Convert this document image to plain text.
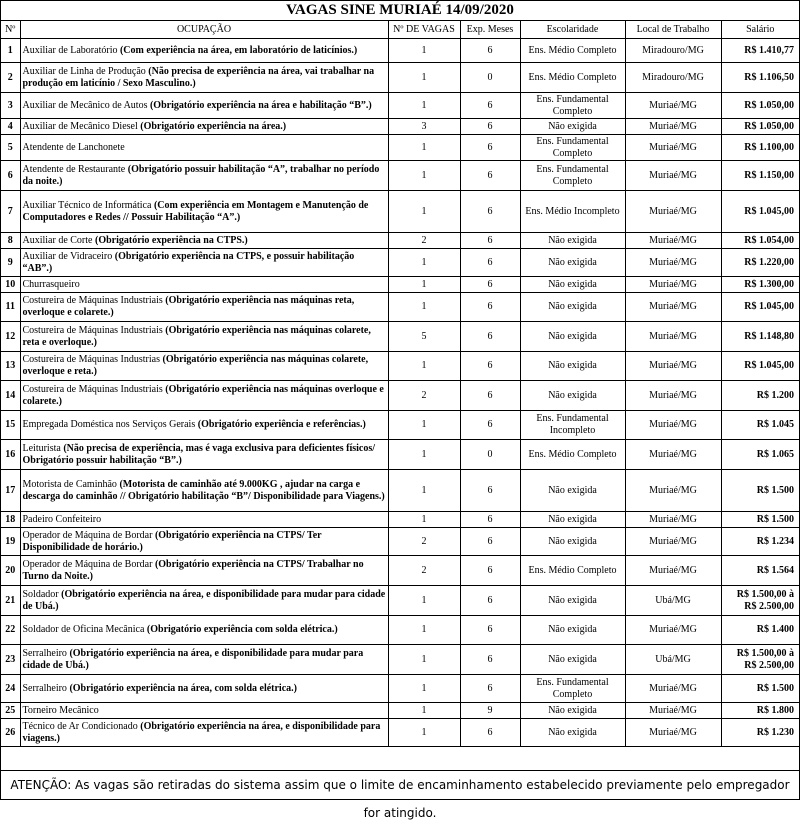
VAGAS SINE MURIAÉ 14/09/2020
Nº	OCUPAÇÃO	Nº DE VAGAS	Exp. Meses	Escolaridade	Local de Trabalho	Salário
1	Auxiliar de Laboratório (Com experiência na área, em laboratório de laticínios.)	1	6	Ens. Médio Completo	Miradouro/MG	R$ 1.410,77
2	Auxiliar de Linha de Produção (Não precisa de experiência na área, vai trabalhar na produção em laticínio / Sexo Masculino.)	1	0	Ens. Médio Completo	Miradouro/MG	R$ 1.106,50
3	Auxiliar de Mecânico de Autos (Obrigatório experiência na área e habilitação “B”.)	1	6	Ens. Fundamental Completo	Muriaé/MG	R$ 1.050,00
4	Auxiliar de Mecânico Diesel (Obrigatório experiência na área.)	3	6	Não exigida	Muriaé/MG	R$ 1.050,00
5	Atendente de Lanchonete	1	6	Ens. Fundamental Completo	Muriaé/MG	R$ 1.100,00
6	Atendente de Restaurante (Obrigatório possuir habilitação “A”, trabalhar no período da noite.)	1	6	Ens. Fundamental Completo	Muriaé/MG	R$ 1.150,00
7	Auxiliar Técnico de Informática (Com experiência em Montagem e Manutenção de Computadores e Redes // Possuir Habilitação “A”.)	1	6	Ens. Médio Incompleto	Muriaé/MG	R$ 1.045,00
8	Auxiliar de Corte (Obrigatório experiência na CTPS.)	2	6	Não exigida	Muriaé/MG	R$ 1.054,00
9	Auxiliar de Vidraceiro (Obrigatório experiência na CTPS, e possuir habilitação “AB”.)	1	6	Não exigida	Muriaé/MG	R$ 1.220,00
10	Churrasqueiro	1	6	Não exigida	Muriaé/MG	R$ 1.300,00
11	Costureira de Máquinas Industriais (Obrigatório experiência nas máquinas reta, overloque e colarete.)	1	6	Não exigida	Muriaé/MG	R$ 1.045,00
12	Costureira de Máquinas Industriais (Obrigatório experiência nas máquinas colarete, reta e overloque.)	5	6	Não exigida	Muriaé/MG	R$ 1.148,80
13	Costureira de Máquinas Industrias (Obrigatório experiência nas máquinas colarete, overloque e reta.)	1	6	Não exigida	Muriaé/MG	R$ 1.045,00
14	Costureira de Máquinas Industriais (Obrigatório experiência nas máquinas overloque e colarete.)	2	6	Não exigida	Muriaé/MG	R$ 1.200
15	Empregada Doméstica nos Serviços Gerais (Obrigatório experiência e referências.)	1	6	Ens. Fundamental Incompleto	Muriaé/MG	R$ 1.045
16	Leiturista (Não precisa de experiência, mas é vaga exclusiva para deficientes físicos/ Obrigatório possuir habilitação “B”.)	1	0	Ens. Médio Completo	Muriaé/MG	R$ 1.065
17	Motorista de Caminhão (Motorista de caminhão até 9.000KG , ajudar na carga e descarga do caminhão // Obrigatório habilitação “B”/ Disponibilidade para Viagens.)	1	6	Não exigida	Muriaé/MG	R$ 1.500
18	Padeiro Confeiteiro	1	6	Não exigida	Muriaé/MG	R$ 1.500
19	Operador de Máquina de Bordar (Obrigatório experiência na CTPS/ Ter Disponibilidade de horário.)	2	6	Não exigida	Muriaé/MG	R$ 1.234
20	Operador de Máquina de Bordar (Obrigatório experiência na CTPS/ Trabalhar no Turno da Noite.)	2	6	Ens. Médio Completo	Muriaé/MG	R$ 1.564
21	Soldador (Obrigatório experiência na área, e disponibilidade para mudar para cidade de Ubá.)	1	6	Não exigida	Ubá/MG	R$ 1.500,00 à R$ 2.500,00
22	Soldador de Oficina Mecânica (Obrigatório experiência com solda elétrica.)	1	6	Não exigida	Muriaé/MG	R$ 1.400
23	Serralheiro (Obrigatório experiência na área, e disponibilidade para mudar para cidade de Ubá.)	1	6	Não exigida	Ubá/MG	R$ 1.500,00 à R$ 2.500,00
24	Serralheiro (Obrigatório experiência na área, com solda elétrica.)	1	6	Ens. Fundamental Completo	Muriaé/MG	R$ 1.500
25	Torneiro Mecânico	1	9	Não exigida	Muriaé/MG	R$ 1.800
26	Técnico de Ar Condicionado (Obrigatório experiência na área, e disponibilidade para viagens.)	1	6	Não exigida	Muriaé/MG	R$ 1.230
ATENÇÃO: As vagas são retiradas do sistema assim que o limite de encaminhamento estabelecido previamente pelo empregador for atingido.
